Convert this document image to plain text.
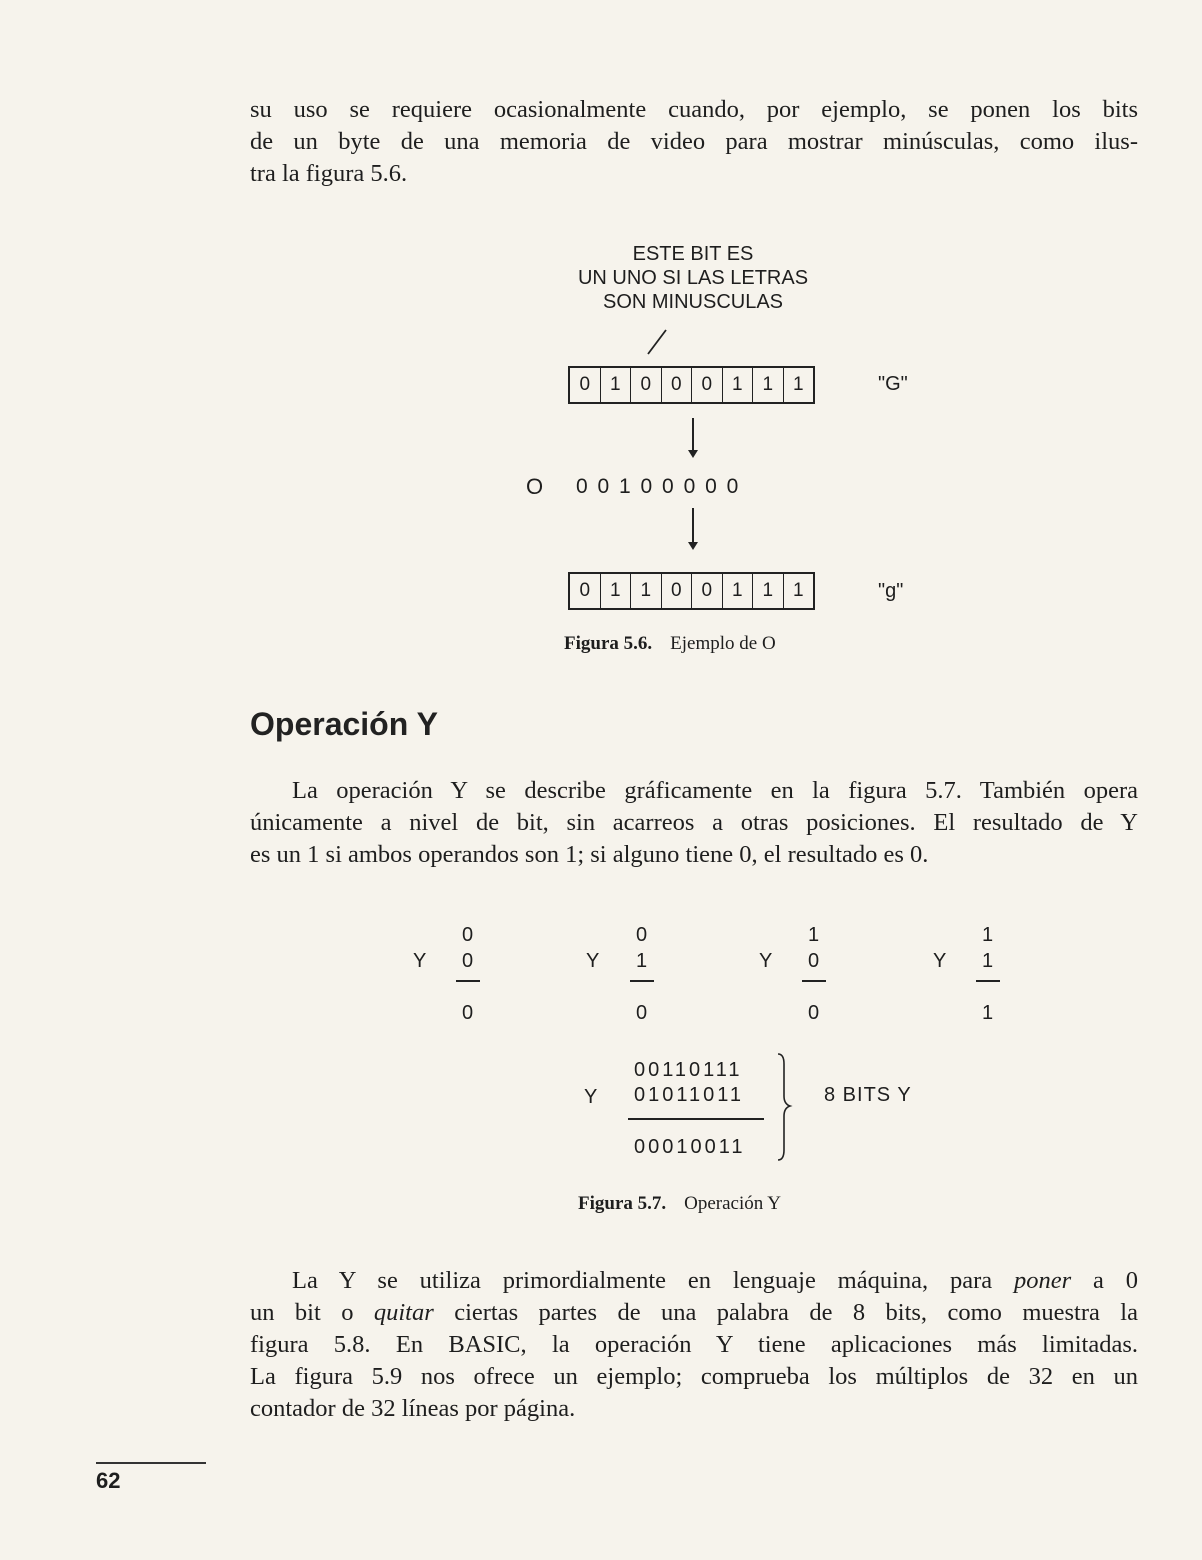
su uso se requiere ocasionalmente cuando, por ejemplo, se ponen los bits
de un byte de una memoria de video para mostrar minúsculas, como ilus-
tra la figura 5.6.

ESTE BIT ES
UN UNO SI LAS LETRAS
SON MINUSCULAS
0	1	0	0	0	1	1	1	"G"
O 0 0 1 0 0 0 0 0
0	1	1	0	0	1	1	1	"g"
Figura 5.6. Ejemplo de O
Operación Y

La operación Y se describe gráficamente en la figura 5.7. También opera
únicamente a nivel de bit, sin acarreos a otras posiciones. El resultado de Y
es un 1 si ambos operandos son 1; si alguno tiene 0, el resultado es 0.

0
Y 0
0
0
Y 1
0
1
Y 0
0
1
Y 1
1
00110111
Y 01011011
00010011
8 BITS Y
Figura 5.7. Operación Y

La Y se utiliza primordialmente en lenguaje máquina, para poner a 0
un bit o quitar ciertas partes de una palabra de 8 bits, como muestra la
figura 5.8. En BASIC, la operación Y tiene aplicaciones más limitadas.
La figura 5.9 nos ofrece un ejemplo; comprueba los múltiplos de 32 en un
contador de 32 líneas por página.

62
